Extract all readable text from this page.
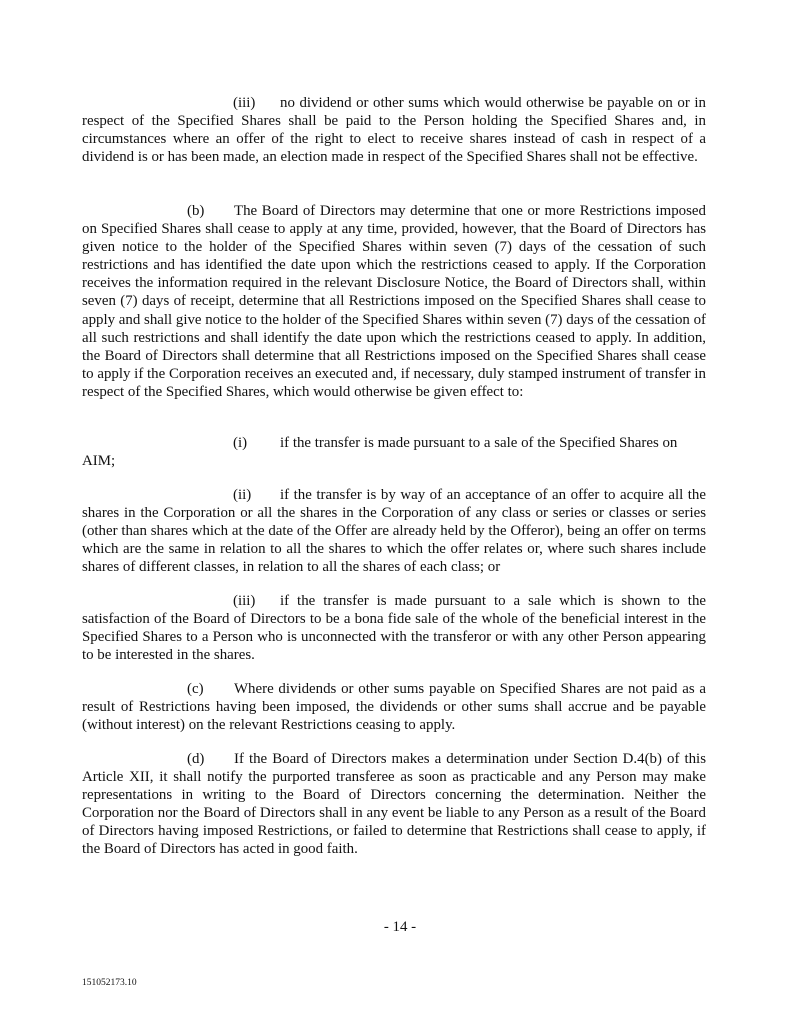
(iii) no dividend or other sums which would otherwise be payable on or in respect of the Specified Shares shall be paid to the Person holding the Specified Shares and, in circumstances where an offer of the right to elect to receive shares instead of cash in respect of a dividend is or has been made, an election made in respect of the Specified Shares shall not be effective.

(b) The Board of Directors may determine that one or more Restrictions imposed on Specified Shares shall cease to apply at any time, provided, however, that the Board of Directors has given notice to the holder of the Specified Shares within seven (7) days of the cessation of such restrictions and has identified the date upon which the restrictions ceased to apply. If the Corporation receives the information required in the relevant Disclosure Notice, the Board of Directors shall, within seven (7) days of receipt, determine that all Restrictions imposed on the Specified Shares shall cease to apply and shall give notice to the holder of the Specified Shares within seven (7) days of the cessation of all such restrictions and shall identify the date upon which the restrictions ceased to apply. In addition, the Board of Directors shall determine that all Restrictions imposed on the Specified Shares shall cease to apply if the Corporation receives an executed and, if necessary, duly stamped instrument of transfer in respect of the Specified Shares, which would otherwise be given effect to:

(i) if the transfer is made pursuant to a sale of the Specified Shares on
AIM;

(ii) if the transfer is by way of an acceptance of an offer to acquire all the shares in the Corporation or all the shares in the Corporation of any class or series or classes or series (other than shares which at the date of the Offer are already held by the Offeror), being an offer on terms which are the same in relation to all the shares to which the offer relates or, where such shares include shares of different classes, in relation to all the shares of each class; or

(iii) if the transfer is made pursuant to a sale which is shown to the satisfaction of the Board of Directors to be a bona fide sale of the whole of the beneficial interest in the Specified Shares to a Person who is unconnected with the transferor or with any other Person appearing to be interested in the shares.

(c) Where dividends or other sums payable on Specified Shares are not paid as a result of Restrictions having been imposed, the dividends or other sums shall accrue and be payable (without interest) on the relevant Restrictions ceasing to apply.

(d) If the Board of Directors makes a determination under Section D.4(b) of this Article XII, it shall notify the purported transferee as soon as practicable and any Person may make representations in writing to the Board of Directors concerning the determination. Neither the Corporation nor the Board of Directors shall in any event be liable to any Person as a result of the Board of Directors having imposed Restrictions, or failed to determine that Restrictions shall cease to apply, if the Board of Directors has acted in good faith.

- 14 -

151052173.10
